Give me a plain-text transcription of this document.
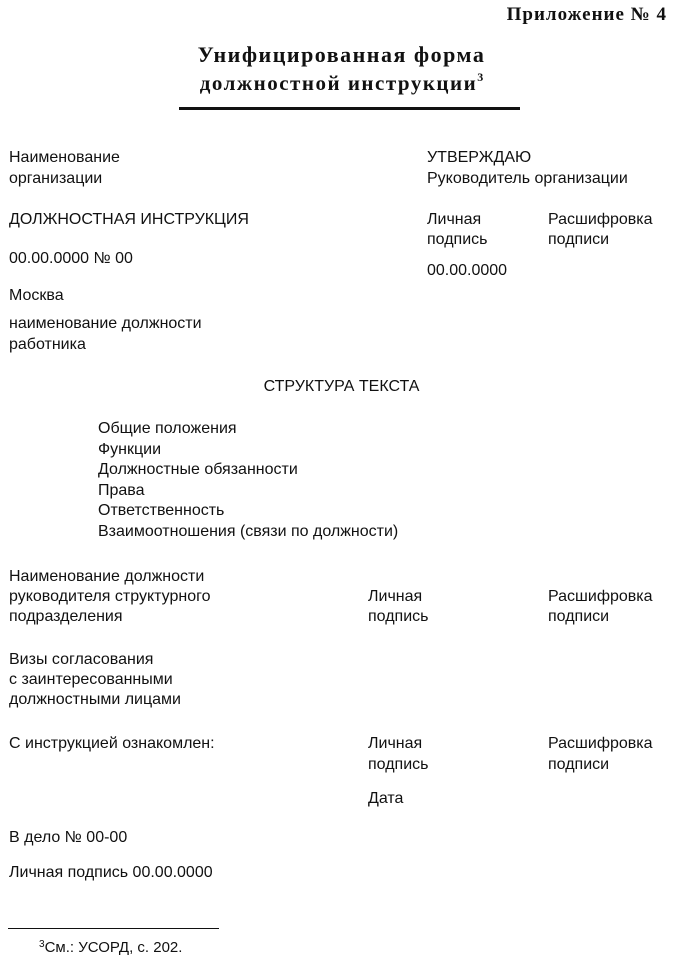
Приложение № 4
Унифицированная форма
должностной инструкции$^3$
Наименование
организации
УТВЕРЖДАЮ
Руководитель организации
ДОЛЖНОСТНАЯ ИНСТРУКЦИЯ	Личная
подпись
Расшифровка
подписи
00.00.0000 № 00
00.00.0000
Москва
наименование должности
работника
СТРУКТУРА ТЕКСТА
Общие положения
Функции
Должностные обязанности
Права
Ответственность
Взаимоотношения (связи по должности)
Наименование должности
руководителя структурного
подразделения
Личная
подпись
Расшифровка
подписи
Визы согласования
с заинтересованными
должностными лицами
С инструкцией ознакомлен:	Личная
подпись
Расшифровка
подписи
Дата
В дело № 00-00
Личная подпись 00.00.0000
$^3$См.: УСОРД, с. 202.
